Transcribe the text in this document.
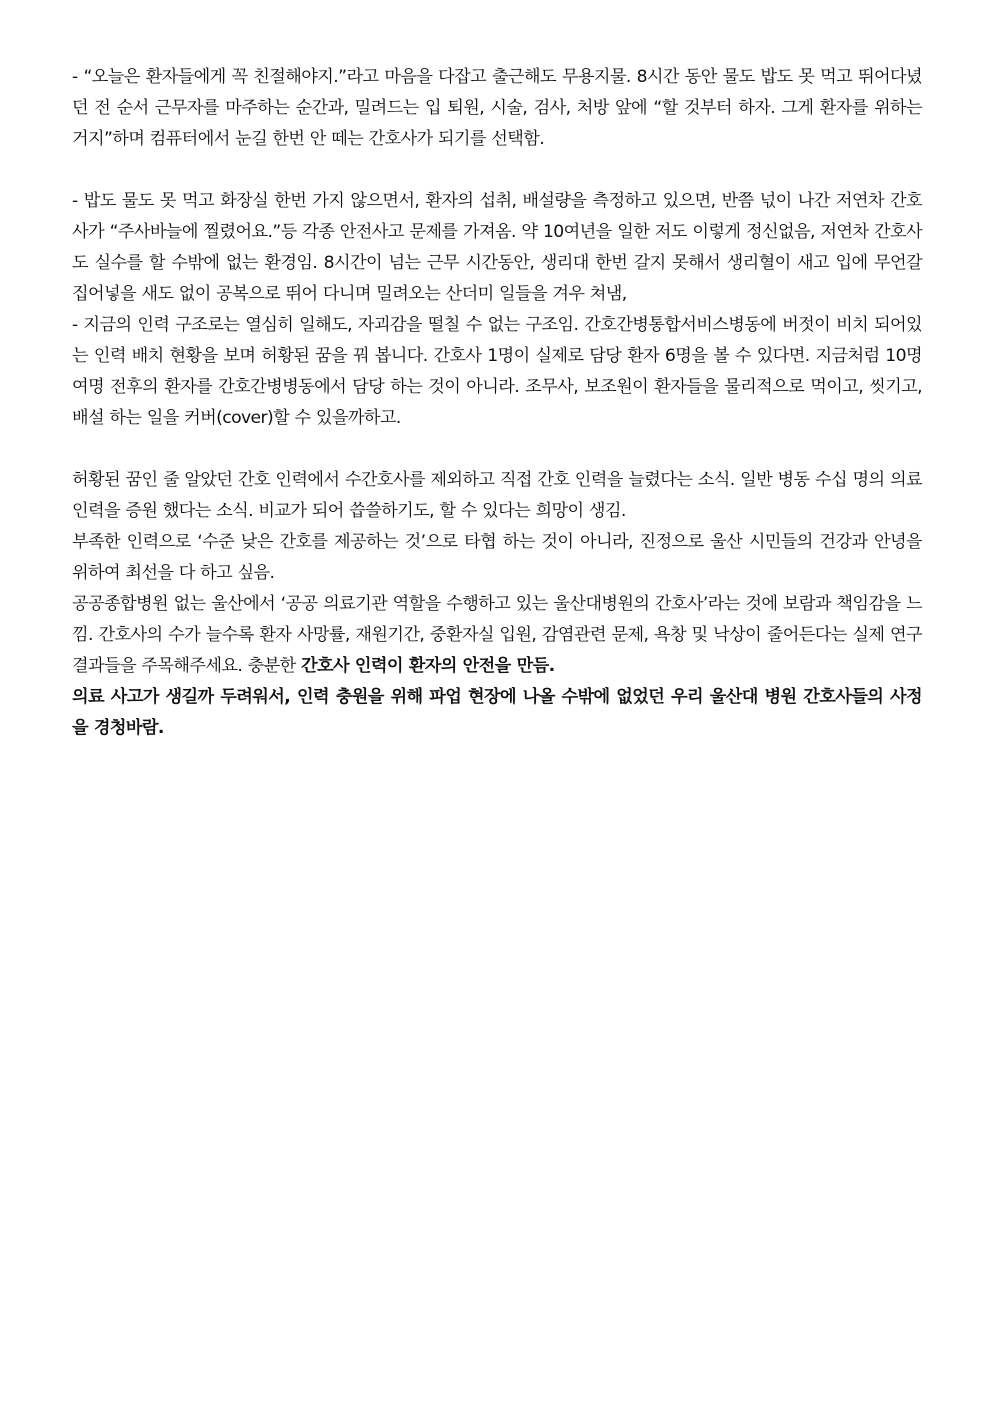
- “오늘은 환자들에게 꼭 친절해야지.”라고 마음을 다잡고 출근해도 무용지물. 8시간 동안 물도 밥도 못 먹고 뛰어다녔던 전 순서 근무자를 마주하는 순간과, 밀려드는 입 퇴원, 시술, 검사, 처방 앞에 “할 것부터 하자. 그게 환자를 위하는 거지”하며 컴퓨터에서 눈길 한번 안 떼는 간호사가 되기를 선택함.

- 밥도 물도 못 먹고 화장실 한번 가지 않으면서, 환자의 섭취, 배설량을 측정하고 있으면, 반쯤 넋이 나간 저연차 간호사가 “주사바늘에 찔렸어요.”등 각종 안전사고 문제를 가져옴. 약 10여년을 일한 저도 이렇게 정신없음, 저연차 간호사도 실수를 할 수밖에 없는 환경임. 8시간이 넘는 근무 시간동안, 생리대 한번 갈지 못해서 생리혈이 새고 입에 무언갈 집어넣을 새도 없이 공복으로 뛰어 다니며 밀려오는 산더미 일들을 겨우 쳐냄,

- 지금의 인력 구조로는 열심히 일해도, 자괴감을 떨칠 수 없는 구조임. 간호간병통합서비스병동에 버젓이 비치 되어있는 인력 배치 현황을 보며 허황된 꿈을 꿔 봅니다. 간호사 1명이 실제로 담당 환자 6명을 볼 수 있다면. 지금처럼 10명여명 전후의 환자를 간호간병병동에서 담당 하는 것이 아니라. 조무사, 보조원이 환자들을 물리적으로 먹이고, 씻기고, 배설 하는 일을 커버(cover)할 수 있을까하고.

허황된 꿈인 줄 알았던 간호 인력에서 수간호사를 제외하고 직접 간호 인력을 늘렸다는 소식. 일반 병동 수십 명의 의료 인력을 증원 했다는 소식. 비교가 되어 씁쓸하기도, 할 수 있다는 희망이 생김.

부족한 인력으로 ‘수준 낮은 간호를 제공하는 것’으로 타협 하는 것이 아니라, 진정으로 울산 시민들의 건강과 안녕을 위하여 최선을 다 하고 싶음.

공공종합병원 없는 울산에서 ‘공공 의료기관 역할을 수행하고 있는 울산대병원의 간호사’라는 것에 보람과 책임감을 느낌. 간호사의 수가 늘수록 환자 사망률, 재원기간, 중환자실 입원, 감염관련 문제, 욕창 및 낙상이 줄어든다는 실제 연구 결과들을 주목해주세요. 충분한 간호사 인력이 환자의 안전을 만듬.

의료 사고가 생길까 두려워서, 인력 충원을 위해 파업 현장에 나올 수밖에 없었던 우리 울산대 병원 간호사들의 사정을 경청바람.
